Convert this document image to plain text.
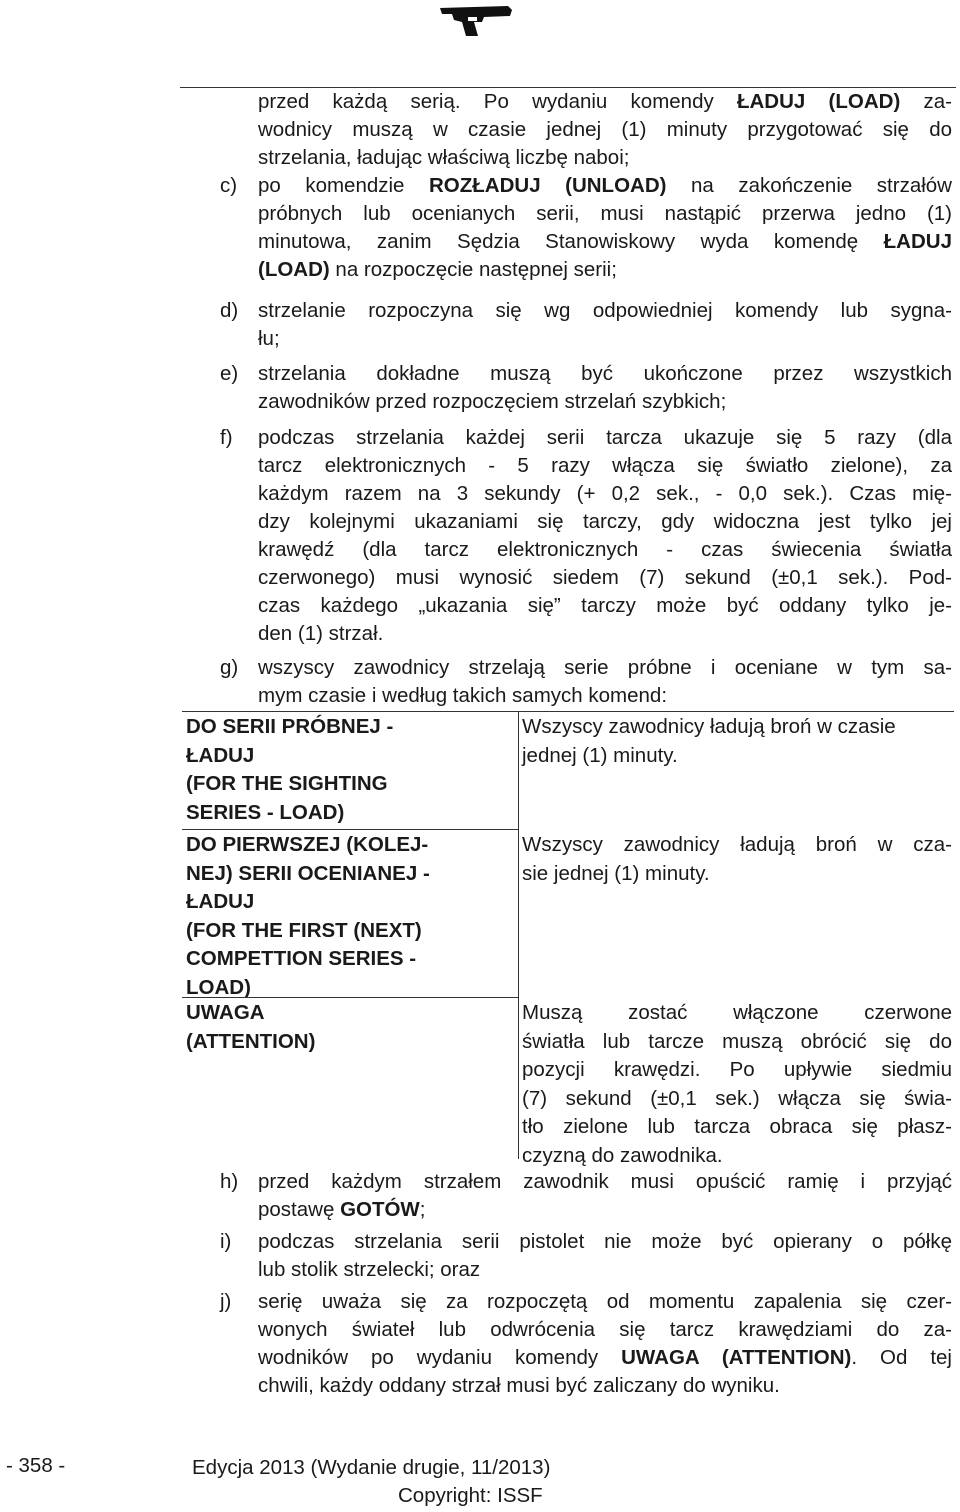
przed każdą serią. Po wydaniu komendy ŁADUJ (LOAD) za-
wodnicy muszą w czasie jednej (1) minuty przygotować się do
strzelania, ładując właściwą liczbę naboi;
c) po komendzie ROZŁADUJ (UNLOAD) na zakończenie strzałów
próbnych lub ocenianych serii, musi nastąpić przerwa jedno (1)
minutowa, zanim Sędzia Stanowiskowy wyda komendę ŁADUJ
(LOAD) na rozpoczęcie następnej serii;
d) strzelanie rozpoczyna się wg odpowiedniej komendy lub sygna-
łu;
e) strzelania dokładne muszą być ukończone przez wszystkich
zawodników przed rozpoczęciem strzelań szybkich;
f) podczas strzelania każdej serii tarcza ukazuje się 5 razy (dla
tarcz elektronicznych - 5 razy włącza się światło zielone), za
każdym razem na 3 sekundy (+ 0,2 sek., - 0,0 sek.). Czas mię-
dzy kolejnymi ukazaniami się tarczy, gdy widoczna jest tylko jej
krawędź (dla tarcz elektronicznych - czas świecenia światła
czerwonego) musi wynosić siedem (7) sekund (±0,1 sek.). Pod-
czas każdego „ukazania się” tarczy może być oddany tylko je-
den (1) strzał.
g) wszyscy zawodnicy strzelają serie próbne i oceniane w tym sa-
mym czasie i według takich samych komend:
DO SERII PRÓBNEJ -
ŁADUJ
(FOR THE SIGHTING
SERIES - LOAD)
Wszyscy zawodnicy ładują broń w czasie
jednej (1) minuty.
DO PIERWSZEJ (KOLEJ-
NEJ) SERII OCENIANEJ -
ŁADUJ
(FOR THE FIRST (NEXT)
COMPETTION SERIES -
LOAD)
Wszyscy zawodnicy ładują broń w cza-
sie jednej (1) minuty.
UWAGA
(ATTENTION)
Muszą zostać włączone czerwone
światła lub tarcze muszą obrócić się do
pozycji krawędzi. Po upływie siedmiu
(7) sekund (±0,1 sek.) włącza się świa-
tło zielone lub tarcza obraca się płasz-
czyzną do zawodnika.
h) przed każdym strzałem zawodnik musi opuścić ramię i przyjąć
postawę GOTÓW;
i) podczas strzelania serii pistolet nie może być opierany o półkę
lub stolik strzelecki; oraz
j) serię uważa się za rozpoczętą od momentu zapalenia się czer-
wonych świateł lub odwrócenia się tarcz krawędziami do za-
wodników po wydaniu komendy UWAGA (ATTENTION). Od tej
chwili, każdy oddany strzał musi być zaliczany do wyniku.
- 358 -	Edycja 2013 (Wydanie drugie, 11/2013)
Copyright: ISSF
